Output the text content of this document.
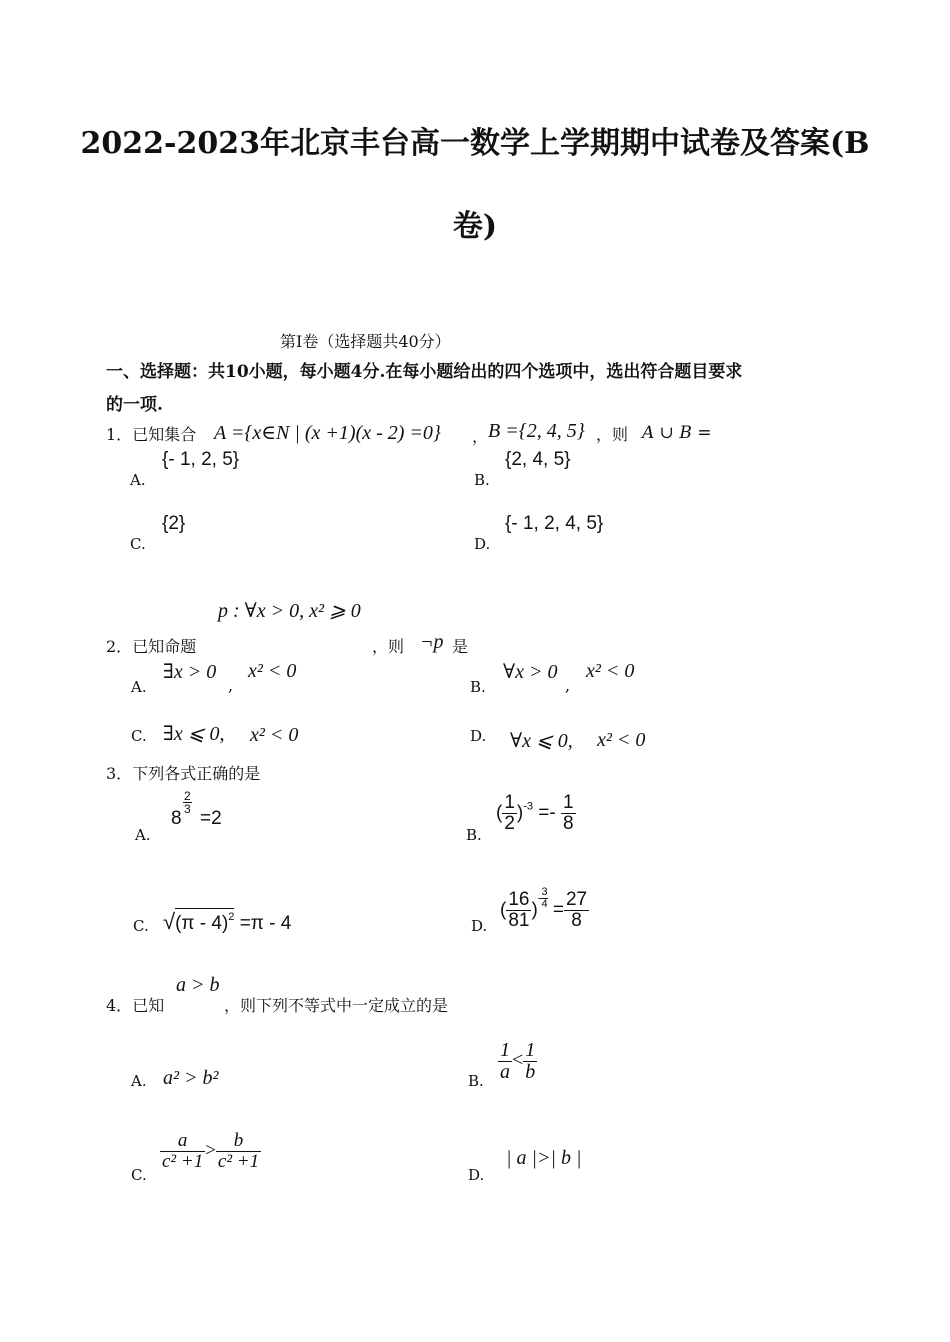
2022-2023年北京丰台高一数学上学期期中试卷及答案(B
卷)
第Ⅰ卷（选择题共40分）
一、选择题：共10小题，每小题4分.在每小题给出的四个选项中，选出符合题目要求
的一项.
1．已知集合 A ={x∈N | (x +1)(x - 2) =0} ， B ={2, 4, 5} ，则 A ∪ B =
A.
{- 1, 2, 5}
B.
{2, 4, 5}
C.
{2}
D.
{- 1, 2, 4, 5}
p : ∀x > 0, x² ⩾ 0
2．已知命题	，则 ¬p 是
A.
∃x > 0
,
x² < 0
B.
∀x > 0
,
x² < 0
C. ∃x ⩽ 0, x² < 0	D. ∀x ⩽ 0, x² < 0
3．下列各式正确的是
A.
8
$\frac{2}{3}$
=2
B.
( $\frac{1}{2} )^{-3} =- \frac{1}{8}$
C. √(π - 4)$^2$ =π - 4	D.
( $\frac{16}{81}$ )- $\frac{3}{4} = \frac{27}{8}$
a > b
4．已知	，则下列不等式中一定成立的是
A. a² > b²	B. $\frac{1}{a} < \frac{1}{b}$
C.
$\frac{a}{\text{c² +1}} > \frac{b}{\text{c² +1}}$
D.
| a |>| b |
